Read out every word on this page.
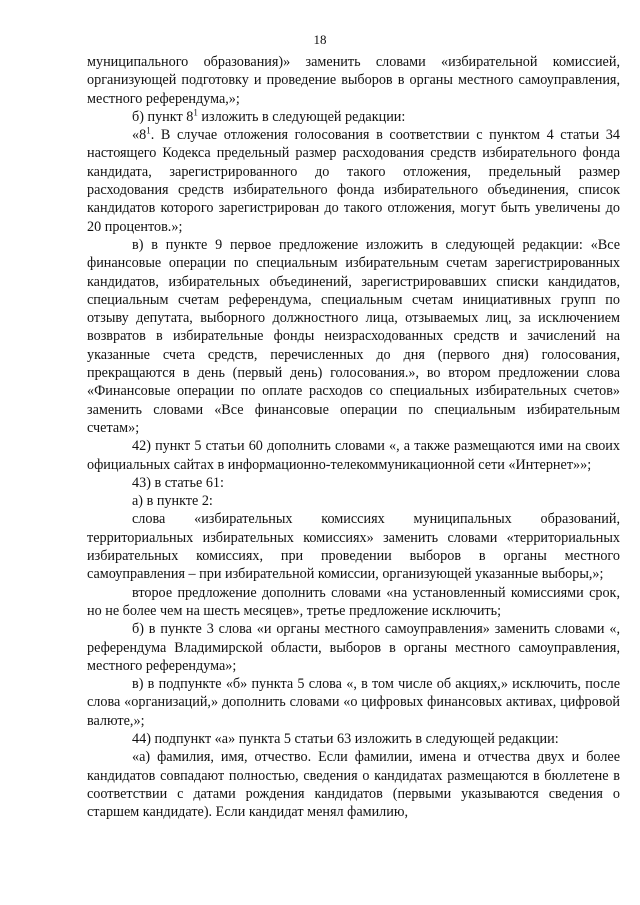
18

муниципального образования)» заменить словами «избирательной комиссией, организующей подготовку и проведение выборов в органы местного самоуправления, местного референдума,»;

б) пункт $8^1$ изложить в следующей редакции:

«$8^1$. В случае отложения голосования в соответствии с пунктом 4 статьи 34 настоящего Кодекса предельный размер расходования средств избирательного фонда кандидата, зарегистрированного до такого отложения, предельный размер расходования средств избирательного фонда избирательного объединения, список кандидатов которого зарегистрирован до такого отложения, могут быть увеличены до 20 процентов.»;

в) в пункте 9 первое предложение изложить в следующей редакции: «Все финансовые операции по специальным избирательным счетам зарегистрированных кандидатов, избирательных объединений, зарегистрировавших списки кандидатов, специальным счетам референдума, специальным счетам инициативных групп по отзыву депутата, выборного должностного лица, отзываемых лиц, за исключением возвратов в избирательные фонды неизрасходованных средств и зачислений на указанные счета средств, перечисленных до дня (первого дня) голосования, прекращаются в день (первый день) голосования.», во втором предложении слова «Финансовые операции по оплате расходов со специальных избирательных счетов» заменить словами «Все финансовые операции по специальным избирательным счетам»;

42) пункт 5 статьи 60 дополнить словами «, а также размещаются ими на своих официальных сайтах в информационно-телекоммуникационной сети «Интернет»»;

43) в статье 61:

а) в пункте 2:

слова «избирательных комиссиях муниципальных образований, территориальных избирательных комиссиях» заменить словами «территориальных избирательных комиссиях, при проведении выборов в органы местного самоуправления – при избирательной комиссии, организующей указанные выборы,»;

второе предложение дополнить словами «на установленный комиссиями срок, но не более чем на шесть месяцев», третье предложение исключить;

б) в пункте 3 слова «и органы местного самоуправления» заменить словами «, референдума Владимирской области, выборов в органы местного самоуправления, местного референдума»;

в) в подпункте «б» пункта 5 слова «, в том числе об акциях,» исключить, после слова «организаций,» дополнить словами «о цифровых финансовых активах, цифровой валюте,»;

44) подпункт «а» пункта 5 статьи 63 изложить в следующей редакции:

«а) фамилия, имя, отчество. Если фамилии, имена и отчества двух и более кандидатов совпадают полностью, сведения о кандидатах размещаются в бюллетене в соответствии с датами рождения кандидатов (первыми указываются сведения о старшем кандидате). Если кандидат менял фамилию,
